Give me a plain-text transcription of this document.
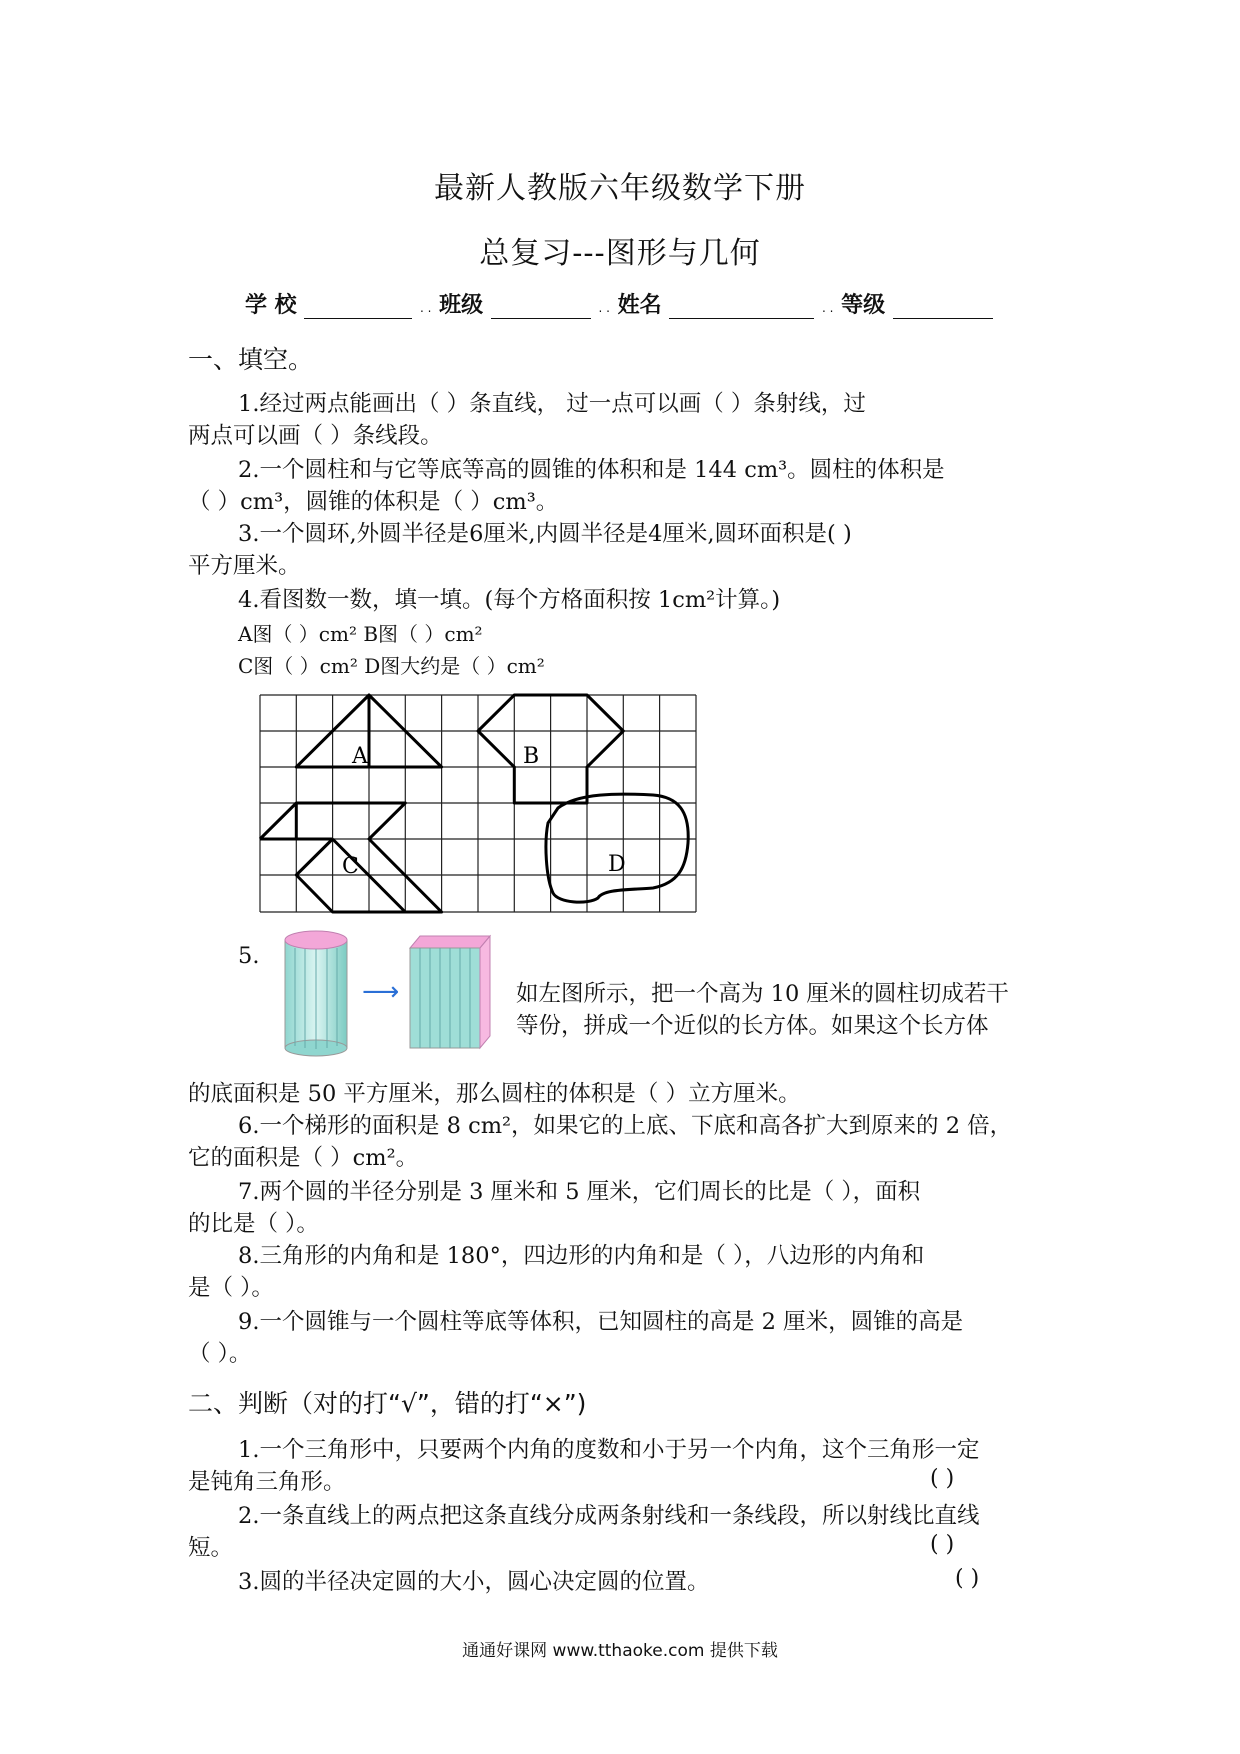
最新人教版六年级数学下册
总复习---图形与几何
学 校	. . 班级	. . 姓名	. . 等级
一、填空。
1.经过两点能画出（ ）条直线， 过一点可以画（ ）条射线，过
两点可以画（ ）条线段。
2.一个圆柱和与它等底等高的圆锥的体积和是 144 cm³。圆柱的体积是
（ ）cm³，圆锥的体积是（ ）cm³。
3.一个圆环,外圆半径是6厘米,内圆半径是4厘米,圆环面积是( )
平方厘米。
4.看图数一数，填一填。(每个方格面积按 1cm²计算。)
A图（ ）cm² B图（ ）cm²
C图（ ）cm² D图大约是（ ）cm²
A	B
C	D
5.
⟶	如左图所示，把一个高为 10 厘米的圆柱切成若干
等份，拼成一个近似的长方体。如果这个长方体
的底面积是 50 平方厘米，那么圆柱的体积是（ ）立方厘米。
6.一个梯形的面积是 8 cm²，如果它的上底、下底和高各扩大到原来的 2 倍，
它的面积是（ ）cm²。
7.两个圆的半径分别是 3 厘米和 5 厘米，它们周长的比是（ ），面积
的比是（ ）。
8.三角形的内角和是 180°，四边形的内角和是（ ），八边形的内角和
是（ ）。
9.一个圆锥与一个圆柱等底等体积，已知圆柱的高是 2 厘米，圆锥的高是
（ ）。
二、判断（对的打“√”，错的打“×”)
1.一个三角形中，只要两个内角的度数和小于另一个内角，这个三角形一定
是钝角三角形。	( )
2.一条直线上的两点把这条直线分成两条射线和一条线段，所以射线比直线
短。	( )
3.圆的半径决定圆的大小，圆心决定圆的位置。	( )
通通好课网 www.tthaoke.com 提供下载
